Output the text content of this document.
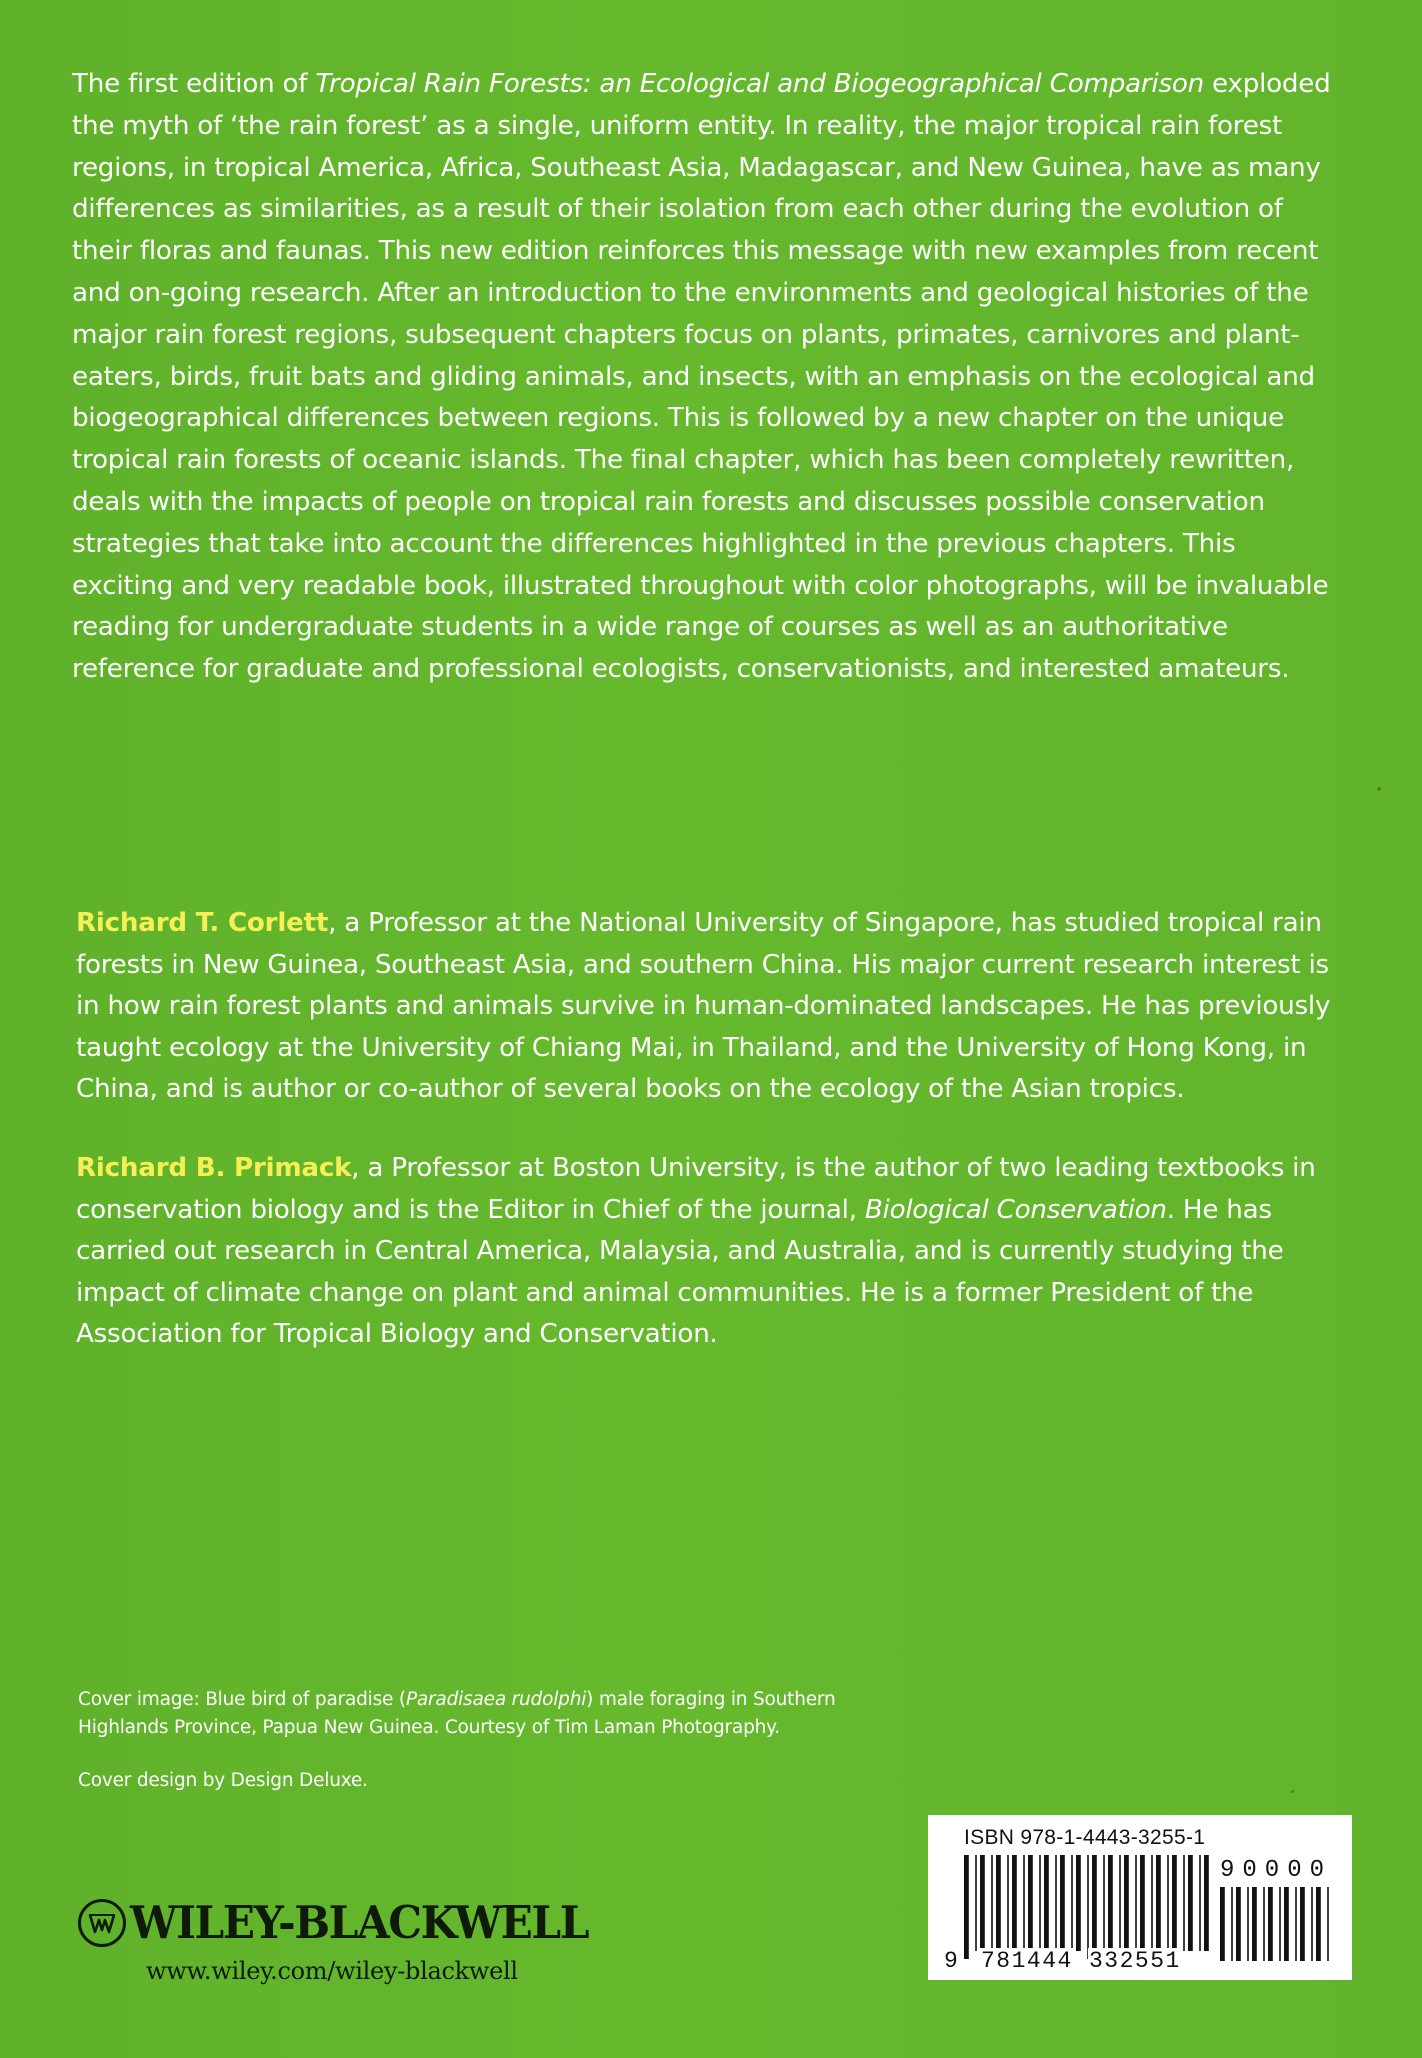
The first edition of Tropical Rain Forests: an Ecological and Biogeographical Comparison exploded the myth of ‘the rain forest’ as a single, uniform entity. In reality, the major tropical rain forest regions, in tropical America, Africa, Southeast Asia, Madagascar, and New Guinea, have as many differences as similarities, as a result of their isolation from each other during the evolution of their floras and faunas. This new edition reinforces this message with new examples from recent and on-going research. After an introduction to the environments and geological histories of the major rain forest regions, subsequent chapters focus on plants, primates, carnivores and plant-eaters, birds, fruit bats and gliding animals, and insects, with an emphasis on the ecological and biogeographical differences between regions. This is followed by a new chapter on the unique tropical rain forests of oceanic islands. The final chapter, which has been completely rewritten, deals with the impacts of people on tropical rain forests and discusses possible conservation strategies that take into account the differences highlighted in the previous chapters. This exciting and very readable book, illustrated throughout with color photographs, will be invaluable reading for undergraduate students in a wide range of courses as well as an authoritative reference for graduate and professional ecologists, conservationists, and interested amateurs.

Richard T. Corlett, a Professor at the National University of Singapore, has studied tropical rain forests in New Guinea, Southeast Asia, and southern China. His major current research interest is in how rain forest plants and animals survive in human-dominated landscapes. He has previously taught ecology at the University of Chiang Mai, in Thailand, and the University of Hong Kong, in China, and is author or co-author of several books on the ecology of the Asian tropics.

Richard B. Primack, a Professor at Boston University, is the author of two leading textbooks in conservation biology and is the Editor in Chief of the journal, Biological Conservation. He has carried out research in Central America, Malaysia, and Australia, and is currently studying the impact of climate change on plant and animal communities. He is a former President of the Association for Tropical Biology and Conservation.

Cover image: Blue bird of paradise (Paradisaea rudolphi) male foraging in Southern Highlands Province, Papua New Guinea. Courtesy of Tim Laman Photography.

Cover design by Design Deluxe.

WILEY-BLACKWELL
www.wiley.com/wiley-blackwell
ISBN 978-1-4443-3255-1
90000
9 781444 332551
